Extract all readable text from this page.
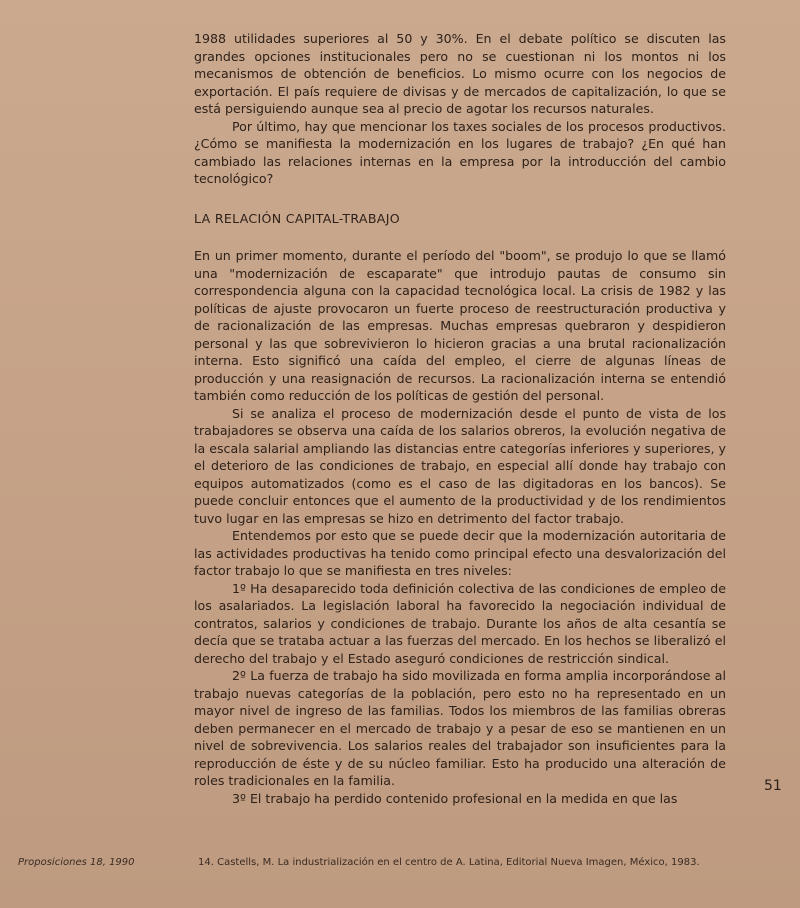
1988 utilidades superiores al 50 y 30%. En el debate político se discuten las grandes opciones institucionales pero no se cuestionan ni los montos ni los mecanismos de obtención de beneficios. Lo mismo ocurre con los negocios de exportación. El país requiere de divisas y de mercados de capitalización, lo que se está persiguiendo aunque sea al precio de agotar los recursos naturales.

Por último, hay que mencionar los taxes sociales de los procesos productivos. ¿Cómo se manifiesta la modernización en los lugares de trabajo? ¿En qué han cambiado las relaciones internas en la empresa por la introducción del cambio tecnológico?

LA RELACIÓN CAPITAL-TRABAJO

En un primer momento, durante el período del "boom", se produjo lo que se llamó una "modernización de escaparate" que introdujo pautas de consumo sin correspondencia alguna con la capacidad tecnológica local. La crisis de 1982 y las políticas de ajuste provocaron un fuerte proceso de reestructuración productiva y de racionalización de las empresas. Muchas empresas quebraron y despidieron personal y las que sobrevivieron lo hicieron gracias a una brutal racionalización interna. Esto significó una caída del empleo, el cierre de algunas líneas de producción y una reasignación de recursos. La racionalización interna se entendió también como reducción de los políticas de gestión del personal.

Si se analiza el proceso de modernización desde el punto de vista de los trabajadores se observa una caída de los salarios obreros, la evolución negativa de la escala salarial ampliando las distancias entre categorías inferiores y superiores, y el deterioro de las condiciones de trabajo, en especial allí donde hay trabajo con equipos automatizados (como es el caso de las digitadoras en los bancos). Se puede concluir entonces que el aumento de la productividad y de los rendimientos tuvo lugar en las empresas se hizo en detrimento del factor trabajo.

Entendemos por esto que se puede decir que la modernización autoritaria de las actividades productivas ha tenido como principal efecto una desvalorización del factor trabajo lo que se manifiesta en tres niveles:

1º Ha desaparecido toda definición colectiva de las condiciones de empleo de los asalariados. La legislación laboral ha favorecido la negociación individual de contratos, salarios y condiciones de trabajo. Durante los años de alta cesantía se decía que se trataba actuar a las fuerzas del mercado. En los hechos se liberalizó el derecho del trabajo y el Estado aseguró condiciones de restricción sindical.

2º La fuerza de trabajo ha sido movilizada en forma amplia incorporándose al trabajo nuevas categorías de la población, pero esto no ha representado en un mayor nivel de ingreso de las familias. Todos los miembros de las familias obreras deben permanecer en el mercado de trabajo y a pesar de eso se mantienen en un nivel de sobrevivencia. Los salarios reales del trabajador son insuficientes para la reproducción de éste y de su núcleo familiar. Esto ha producido una alteración de roles tradicionales en la familia.

3º El trabajo ha perdido contenido profesional en la medida en que las

51
Proposiciones 18, 1990	14. Castells, M. La industrialización en el centro de A. Latina, Editorial Nueva Imagen, México, 1983.
